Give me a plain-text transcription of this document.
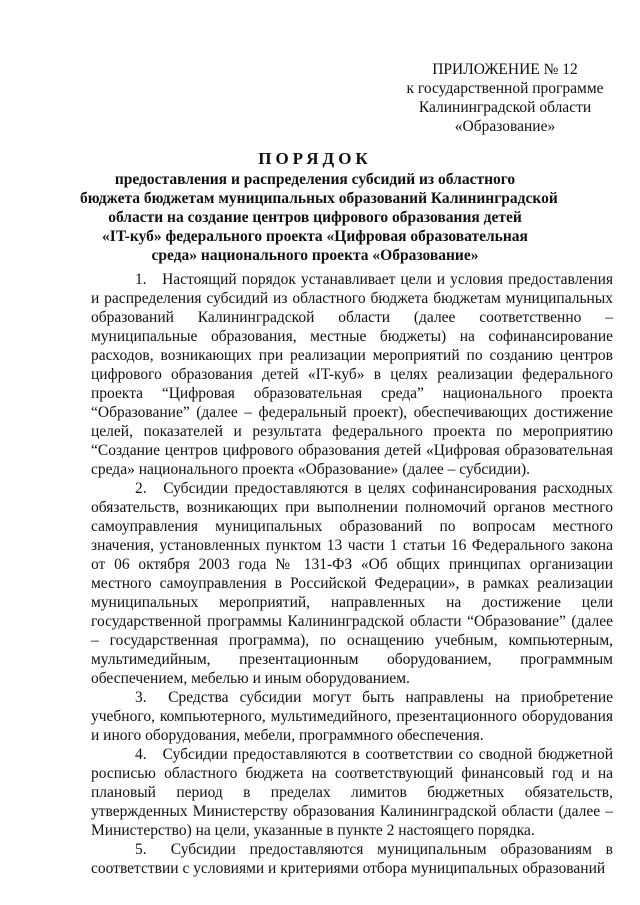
ПРИЛОЖЕНИЕ № 12
к государственной программе
Калининградской области
«Образование»
ПОРЯДОК
предоставления и распределения субсидий из областного
бюджета бюджетам муниципальных образований Калининградской
области на создание центров цифрового образования детей
«IT-куб» федерального проекта «Цифровая образовательная
среда» национального проекта «Образование»

1. Настоящий порядок устанавливает цели и условия предоставления и распределения субсидий из областного бюджета бюджетам муниципальных образований Калининградской области (далее соответственно – муниципальные образования, местные бюджеты) на софинансирование расходов, возникающих при реализации мероприятий по созданию центров цифрового образования детей «IT-куб» в целях реализации федерального проекта “Цифровая образовательная среда” национального проекта “Образование” (далее – федеральный проект), обеспечивающих достижение целей, показателей и результата федерального проекта по мероприятию “Создание центров цифрового образования детей «Цифровая образовательная среда» национального проекта «Образование» (далее – субсидии).

2. Субсидии предоставляются в целях софинансирования расходных обязательств, возникающих при выполнении полномочий органов местного самоуправления муниципальных образований по вопросам местного значения, установленных пунктом 13 части 1 статьи 16 Федерального закона от 06 октября 2003 года № 131-ФЗ «Об общих принципах организации местного самоуправления в Российской Федерации», в рамках реализации муниципальных мероприятий, направленных на достижение цели государственной программы Калининградской области “Образование” (далее – государственная программа), по оснащению учебным, компьютерным, мультимедийным, презентационным оборудованием, программным обеспечением, мебелью и иным оборудованием.

3. Средства субсидии могут быть направлены на приобретение учебного, компьютерного, мультимедийного, презентационного оборудования и иного оборудования, мебели, программного обеспечения.

4. Субсидии предоставляются в соответствии со сводной бюджетной росписью областного бюджета на соответствующий финансовый год и на плановый период в пределах лимитов бюджетных обязательств, утвержденных Министерству образования Калининградской области (далее – Министерство) на цели, указанные в пункте 2 настоящего порядка.

5. Субсидии предоставляются муниципальным образованиям в соответствии с условиями и критериями отбора муниципальных образований
